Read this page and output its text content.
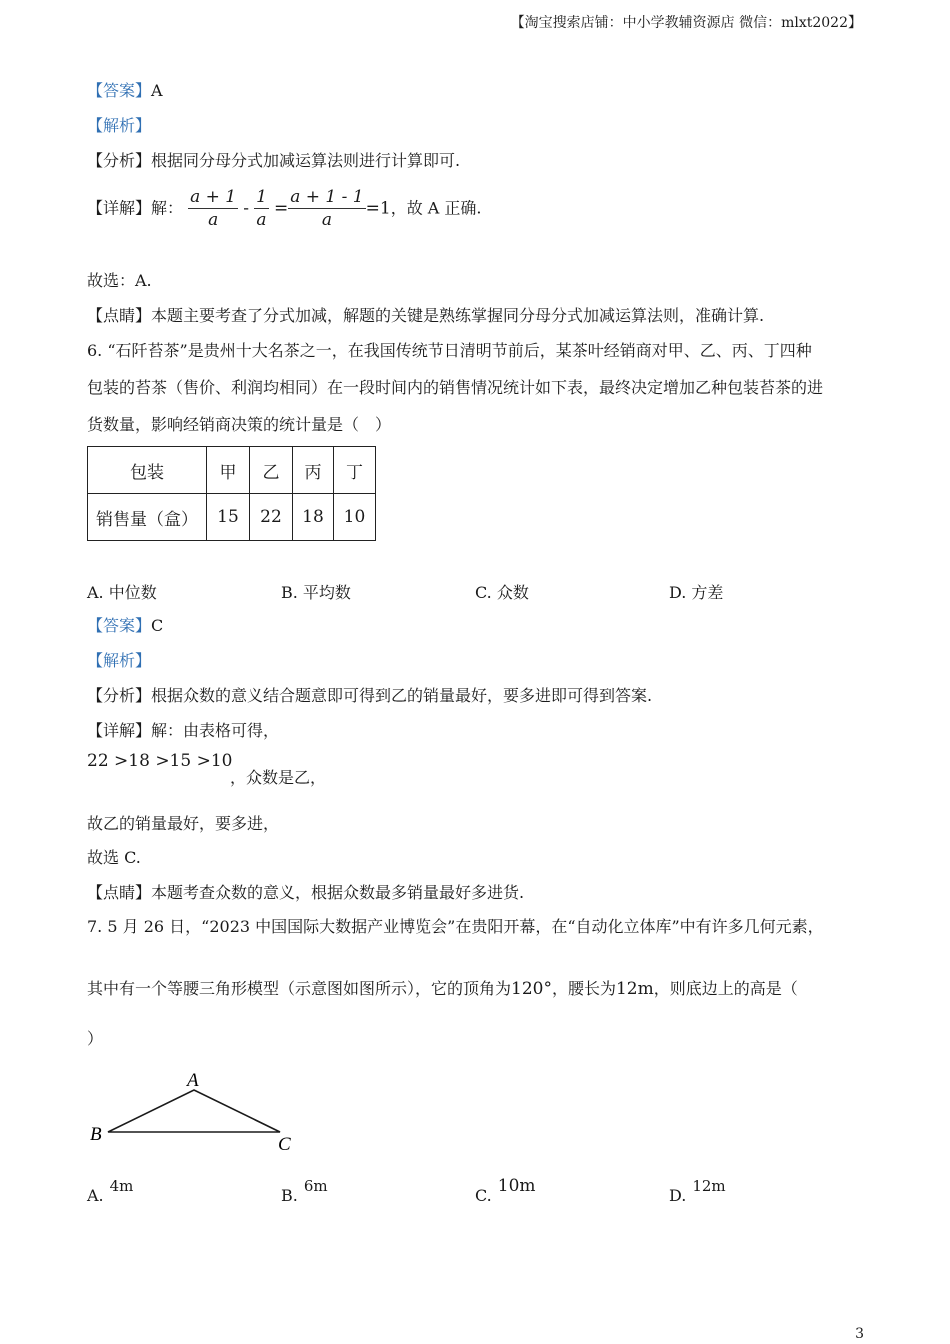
【淘宝搜索店铺：中小学教辅资源店 微信：mlxt2022】
【答案】A
【解析】
【分析】根据同分母分式加减运算法则进行计算即可.
【详解】解： $\frac{a + 1}{a} - \frac{1}{a} = \frac{a + 1 - 1}{a} =1$，故 A 正确.
故选：A.
【点睛】本题主要考查了分式加减，解题的关键是熟练掌握同分母分式加减运算法则，准确计算.
6. “石阡苔茶”是贵州十大名茶之一，在我国传统节日清明节前后，某茶叶经销商对甲、乙、丙、丁四种
包装的苔茶（售价、利润均相同）在一段时间内的销售情况统计如下表，最终决定增加乙种包装苔茶的进
货数量，影响经销商决策的统计量是（　）
包装	甲	乙	丙	丁
销售量（盒）	15	22	18	10
A. 中位数	B. 平均数	C. 众数	D. 方差
【答案】C
【解析】
【分析】根据众数的意义结合题意即可得到乙的销量最好，要多进即可得到答案.
【详解】解：由表格可得，
22 >18 >15 >10
，众数是乙，
故乙的销量最好，要多进，
故选 C.
【点睛】本题考查众数的意义，根据众数最多销量最好多进货.
7. 5 月 26 日，“2023 中国国际大数据产业博览会”在贵阳开幕，在“自动化立体库”中有许多几何元素，
其中有一个等腰三角形模型（示意图如图所示），它的顶角为120°，腰长为12m，则底边上的高是（
）
A
B	C
A. 4m	B. 6m	C. 10m	D. 12m
3
